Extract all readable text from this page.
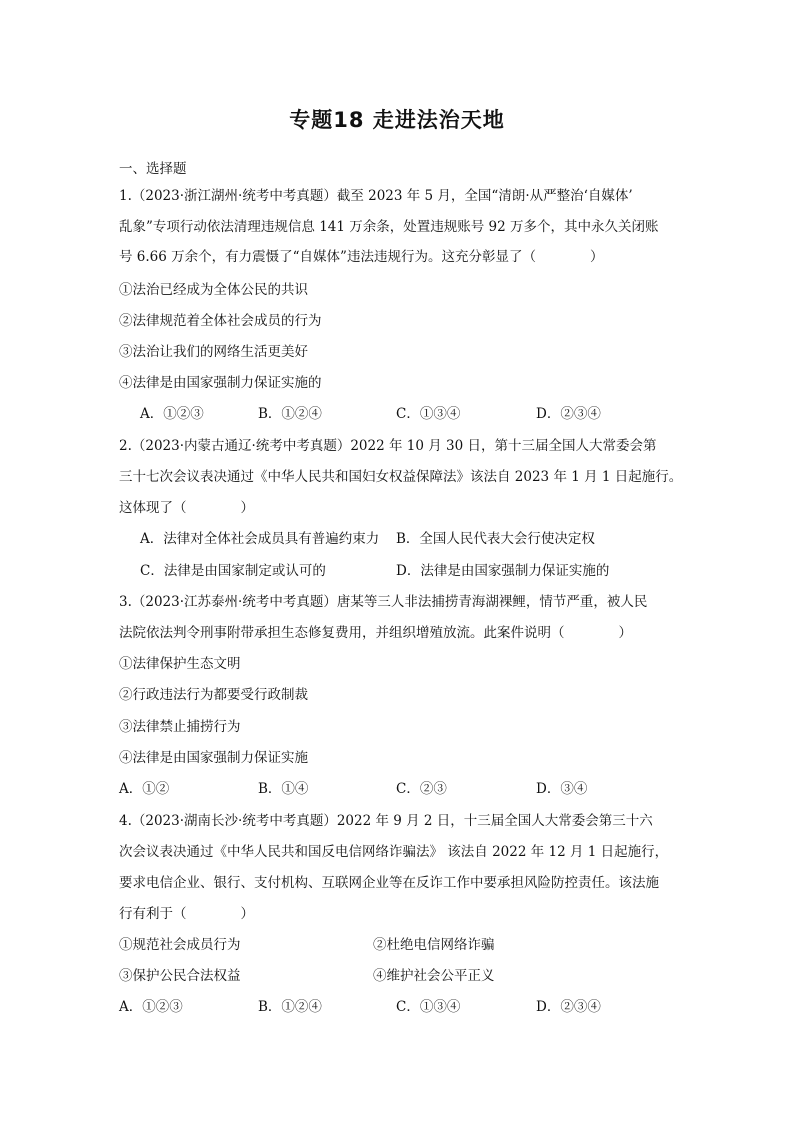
专题18 走进法治天地
一、选择题
1.（2023·浙江湖州·统考中考真题）截至 2023 年 5 月，全国“清朗·从严整治‘自媒体’
乱象”专项行动依法清理违规信息 141 万余条，处置违规账号 92 万多个，其中永久关闭账
号 6.66 万余个，有力震慑了“自媒体”违法违规行为。这充分彰显了（　　　　）
①法治已经成为全体公民的共识
②法律规范着全体社会成员的行为
③法治让我们的网络生活更美好
④法律是由国家强制力保证实施的
A．①②③	B．①②④	C．①③④	D．②③④
2.（2023·内蒙古通辽·统考中考真题）2022 年 10 月 30 日，第十三届全国人大常委会第
三十七次会议表决通过《中华人民共和国妇女权益保障法》该法自 2023 年 1 月 1 日起施行。
这体现了（　　　　）
A．法律对全体社会成员具有普遍约束力 B．全国人民代表大会行使决定权
C．法律是由国家制定或认可的	D．法律是由国家强制力保证实施的
3.（2023·江苏泰州·统考中考真题）唐某等三人非法捕捞青海湖裸鲤，情节严重，被人民
法院依法判令刑事附带承担生态修复费用，并组织增殖放流。此案件说明（　　　　）
①法律保护生态文明
②行政违法行为都要受行政制裁
③法律禁止捕捞行为
④法律是由国家强制力保证实施
A．①②	B．①④	C．②③	D．③④
4.（2023·湖南长沙·统考中考真题）2022 年 9 月 2 日，十三届全国人大常委会第三十六
次会议表决通过《中华人民共和国反电信网络诈骗法》 该法自 2022 年 12 月 1 日起施行，
要求电信企业、银行、支付机构、互联网企业等在反诈工作中要承担风险防控责任。该法施
行有利于（　　　　）
①规范社会成员行为	②杜绝电信网络诈骗
③保护公民合法权益	④维护社会公平正义
A．①②③	B．①②④	C．①③④	D．②③④
